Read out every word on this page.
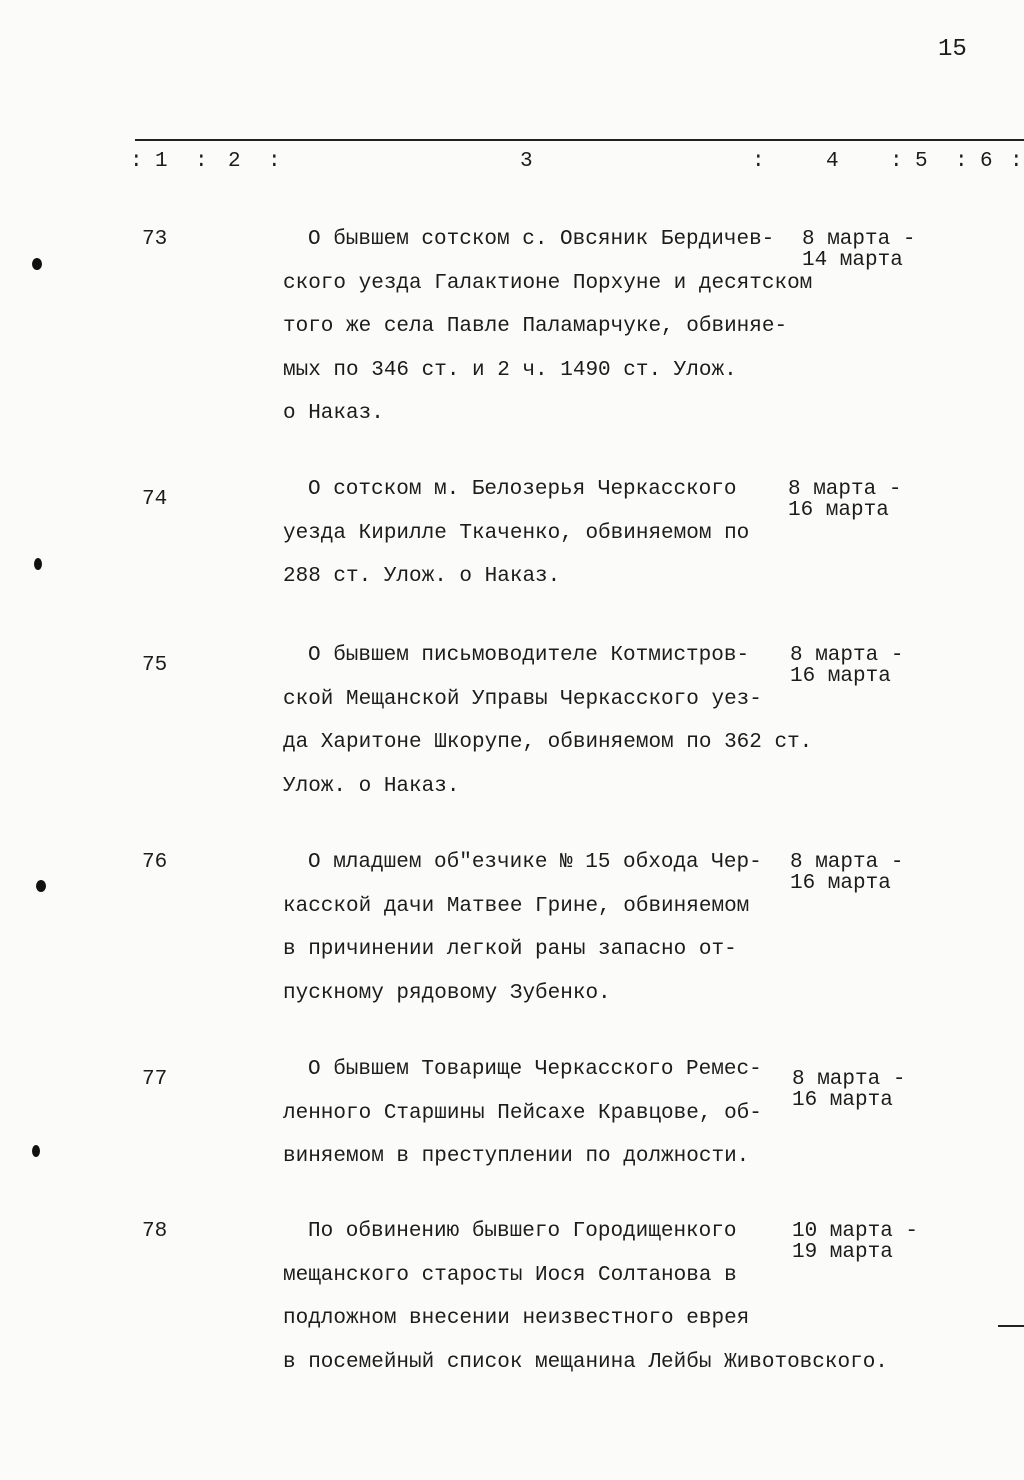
15
: 1 : 2 :	3	:	4 : 5 : 6 :
73	О бывшем сотском с. Овсяник Бердичев-
ского уезда Галактионе Порхуне и десятском
того же села Павле Паламарчуке, обвиняе-
мых по 346 ст. и 2 ч. 1490 ст. Улож.
о Наказ.
8 марта -
14 марта
74	О сотском м. Белозерья Черкасского
уезда Кирилле Ткаченко, обвиняемом по
288 ст. Улож. о Наказ.
8 марта -
16 марта
75	О бывшем письмоводителе Котмистров-
ской Мещанской Управы Черкасского уез-
да Харитоне Шкорупе, обвиняемом по 362 ст.
Улож. о Наказ.
8 марта -
16 марта
76	О младшем об"езчике № 15 обхода Чер-
касской дачи Матвее Грине, обвиняемом
в причинении легкой раны запасно от-
пускному рядовому Зубенко.
8 марта -
16 марта
77	О бывшем Товарище Черкасского Ремес-
ленного Старшины Пейсахе Кравцове, об-
виняемом в преступлении по должности.
8 марта -
16 марта
78	По обвинению бывшего Городищенкого
мещанского старосты Иося Солтанова в
подложном внесении неизвестного еврея
в посемейный список мещанина Лейбы Животовского.
10 марта -
19 марта
